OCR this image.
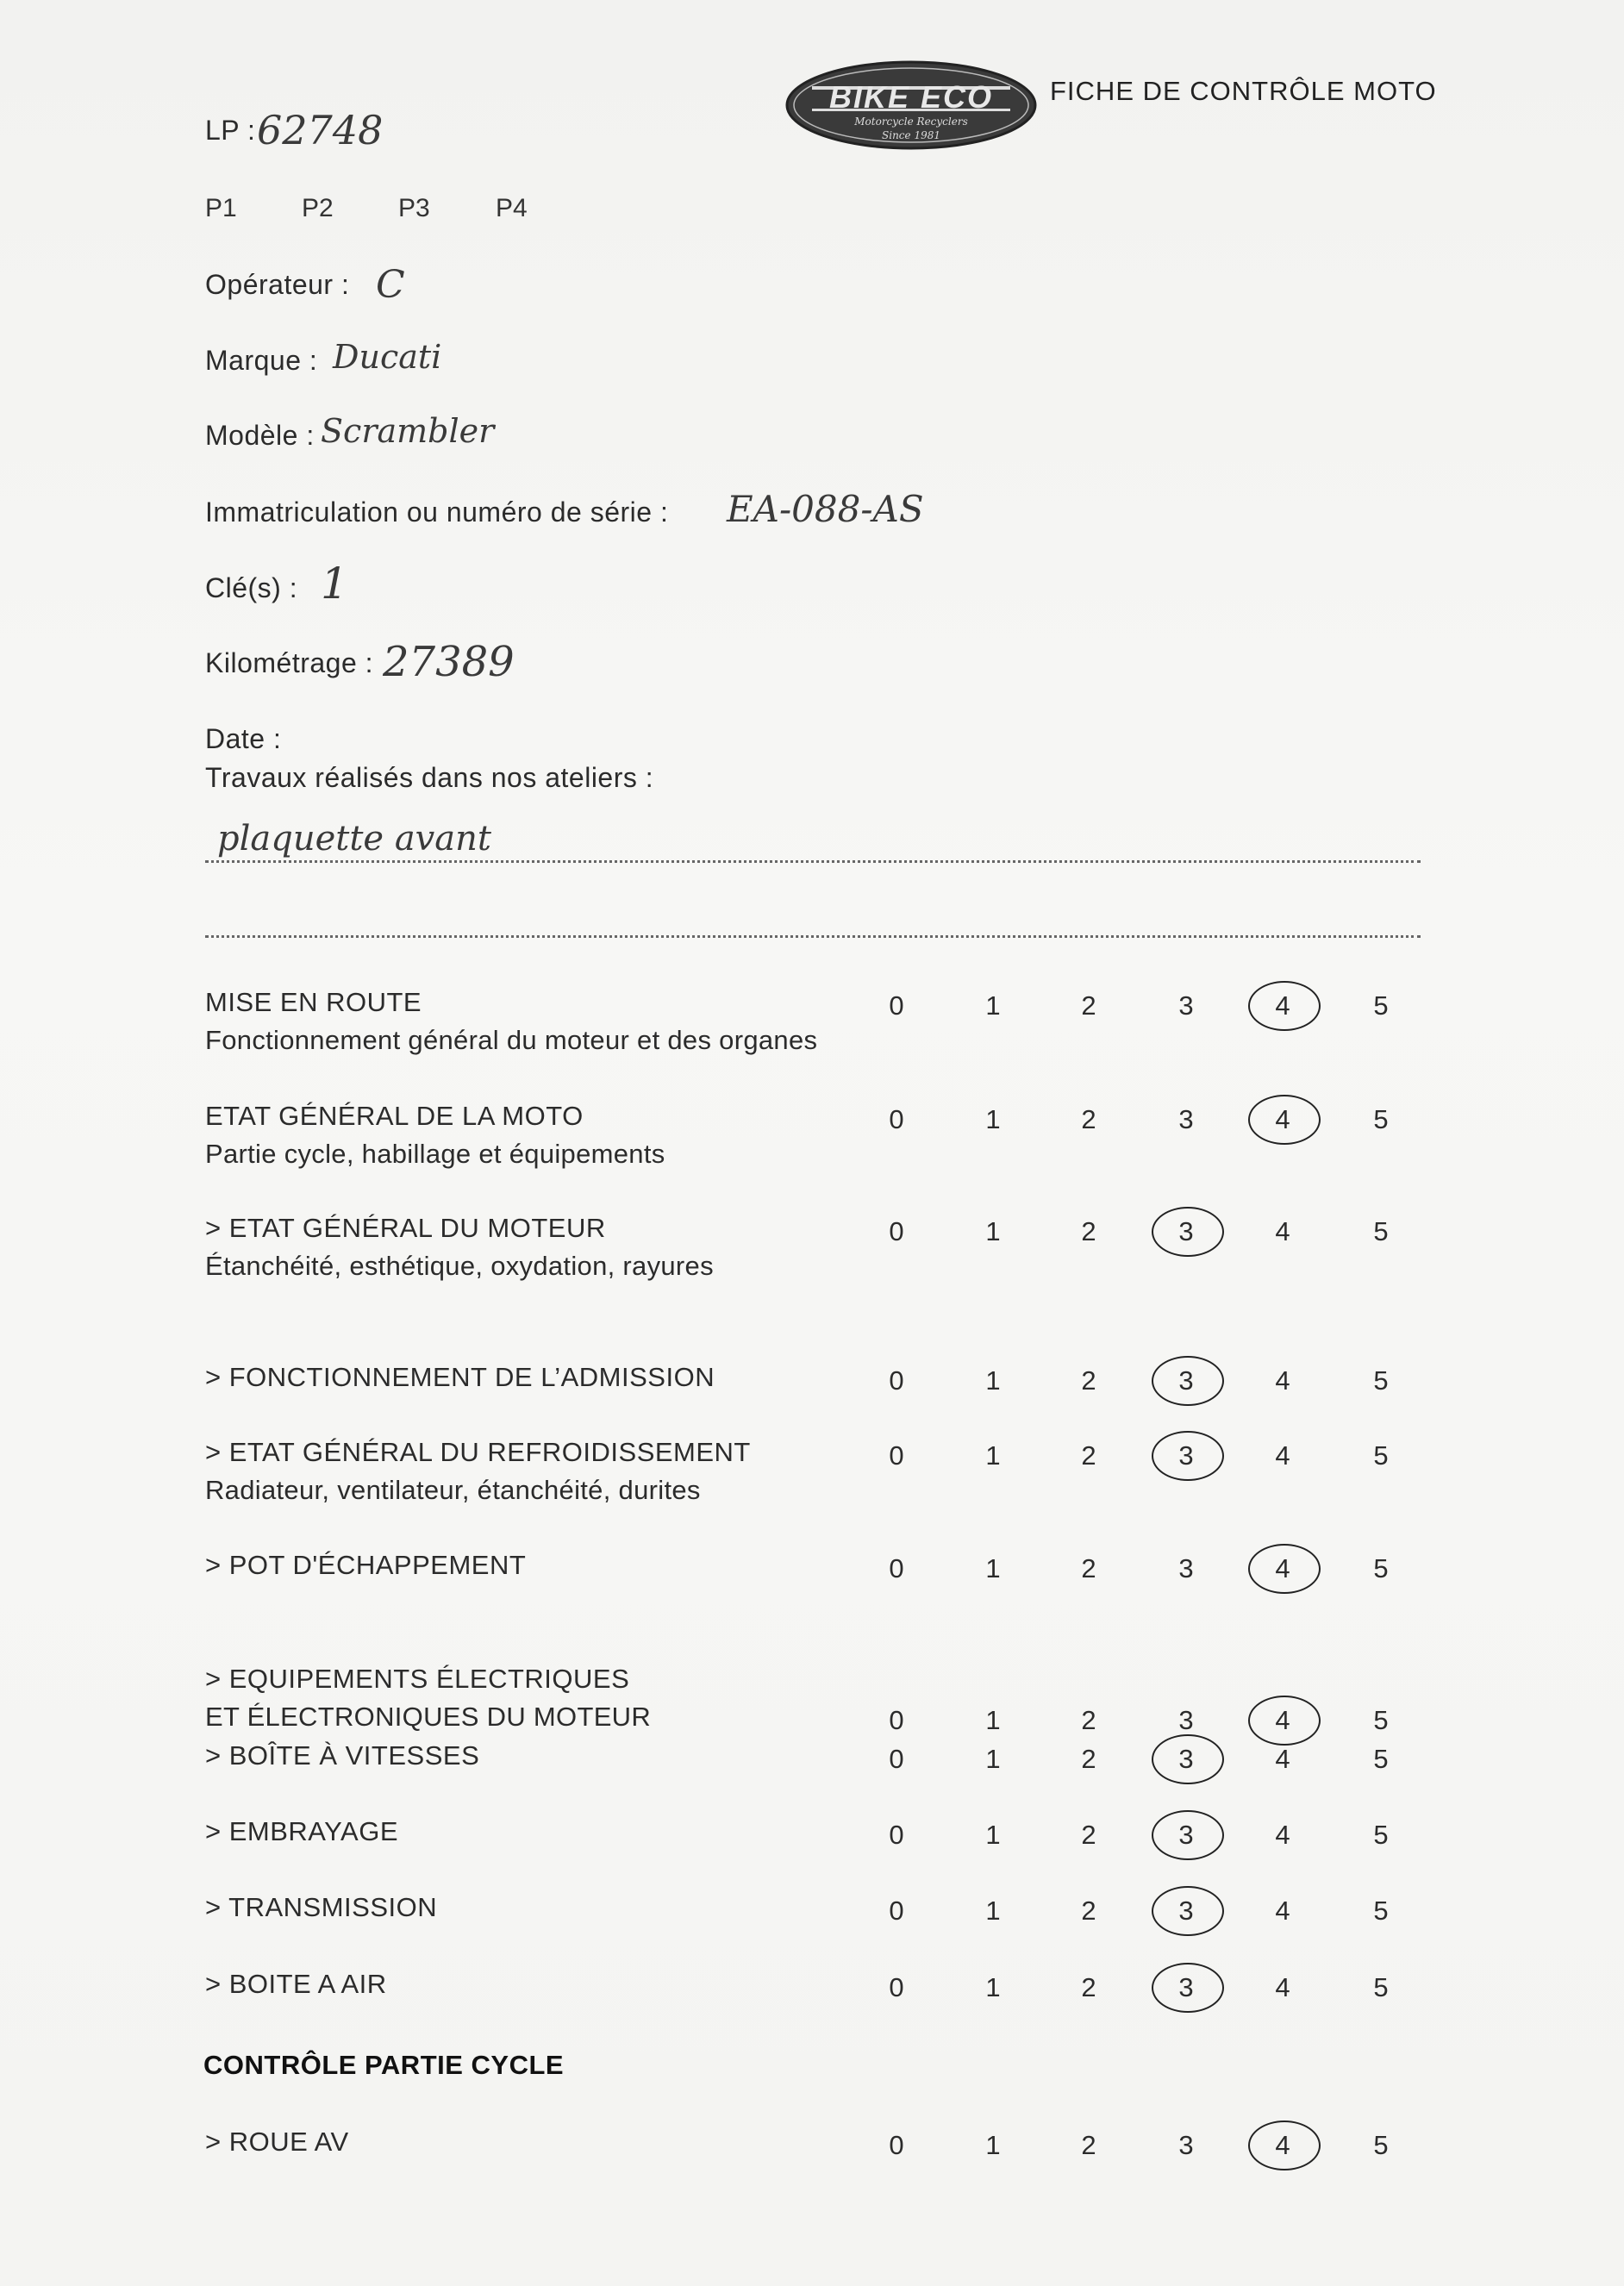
BIKE ECO
Motorcycle Recyclers
Since 1981
FICHE DE CONTRÔLE MOTO
LP : 62748
P1	P2	P3	P4
Opérateur : C
Marque : Ducati
Modèle : Scrambler
Immatriculation ou numéro de série : EA-088-AS
Clé(s) : 1
Kilométrage : 27389
Date :
Travaux réalisés dans nos ateliers :
plaquette avant
MISE EN ROUTE
Fonctionnement général du moteur et des organes
0	1	2	3	4	5
ETAT GÉNÉRAL DE LA MOTO
Partie cycle, habillage et équipements
0	1	2	3	4	5
> ETAT GÉNÉRAL DU MOTEUR
Étanchéité, esthétique, oxydation, rayures
0	1	2	3	4	5
> FONCTIONNEMENT DE L’ADMISSION	0	1	2	3	4	5
> ETAT GÉNÉRAL DU REFROIDISSEMENT
Radiateur, ventilateur, étanchéité, durites
0	1	2	3	4	5
> POT D'ÉCHAPPEMENT	0	1	2	3	4	5
> EQUIPEMENTS ÉLECTRIQUES
ET ÉLECTRONIQUES DU MOTEUR	0	1	2	3	4	5
> BOÎTE À VITESSES	0	1	2	3	4	5
> EMBRAYAGE	0	1	2	3	4	5
> TRANSMISSION	0	1	2	3	4	5
> BOITE A AIR	0	1	2	3	4	5
CONTRÔLE PARTIE CYCLE
> ROUE AV	0	1	2	3	4	5
